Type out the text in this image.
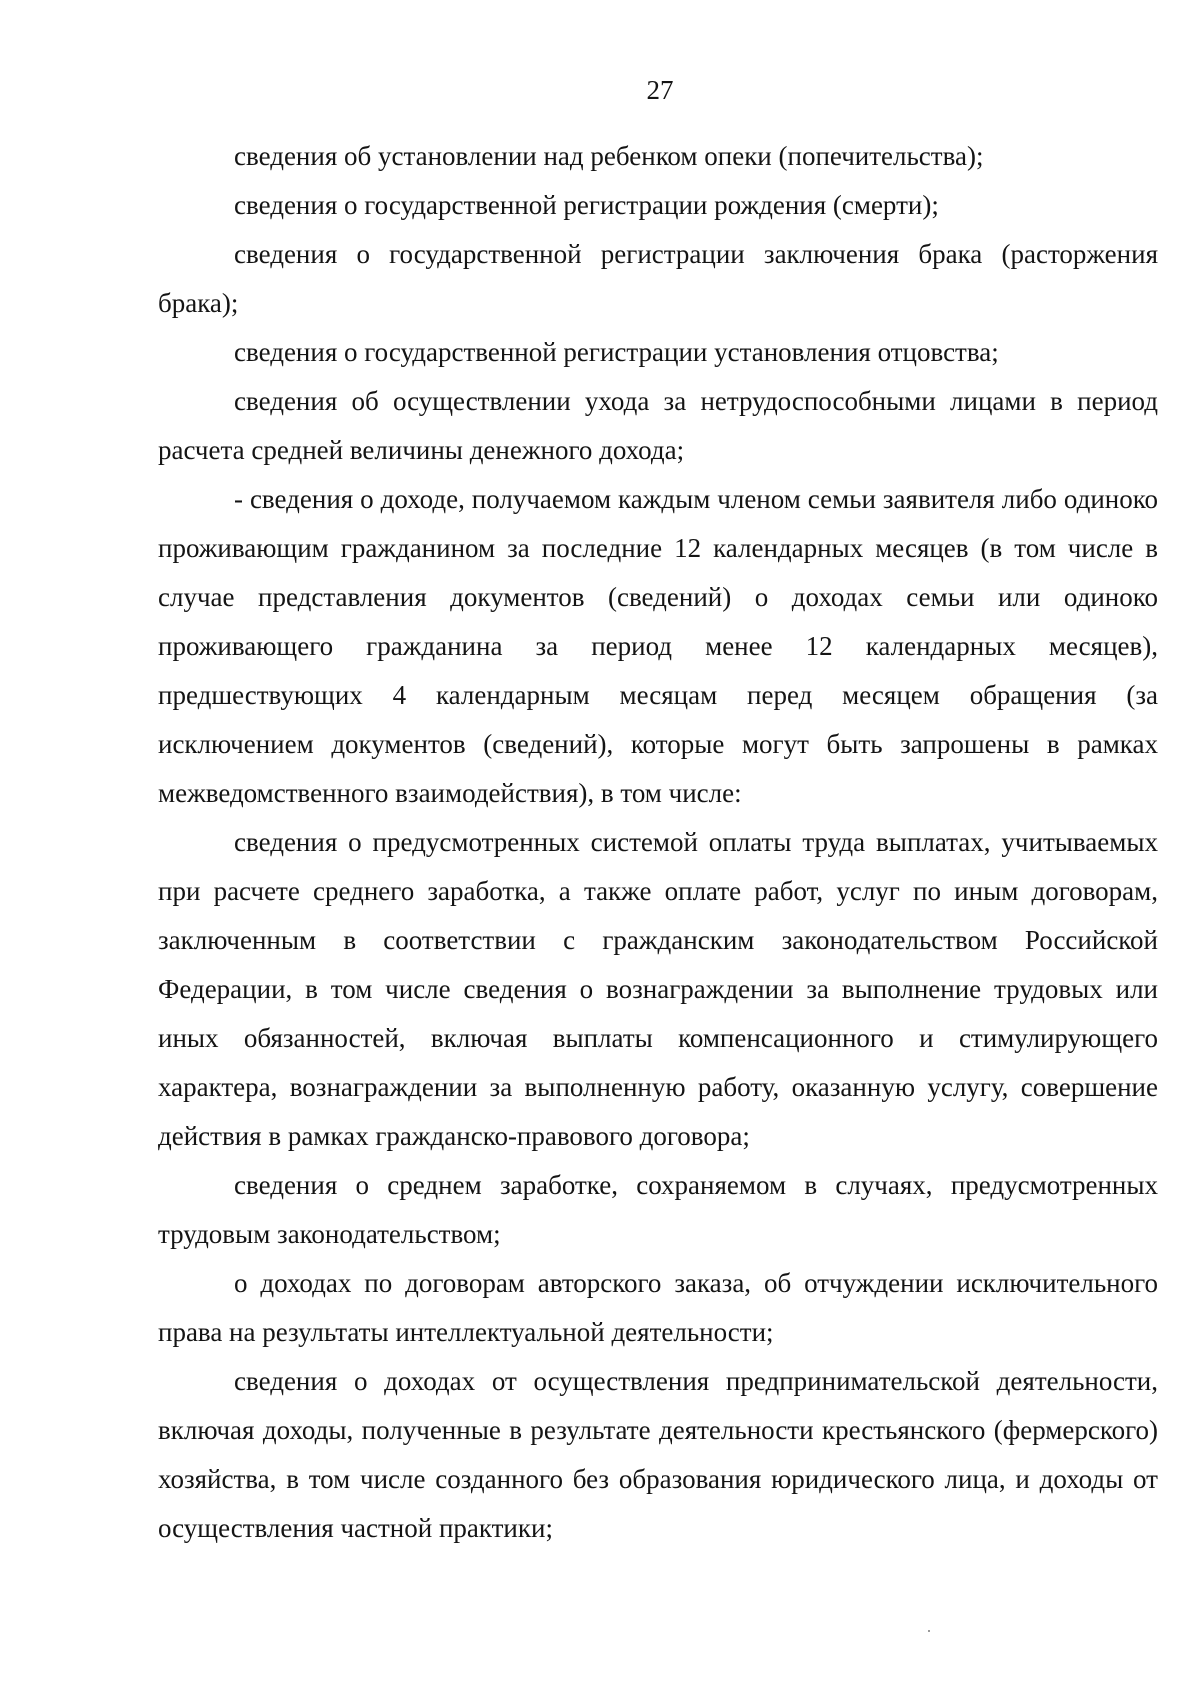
27

сведения об установлении над ребенком опеки (попечительства);

сведения о государственной регистрации рождения (смерти);

сведения о государственной регистрации заключения брака (расторжения брака);

сведения о государственной регистрации установления отцовства;

сведения об осуществлении ухода за нетрудоспособными лицами в период расчета средней величины денежного дохода;

- сведения о доходе, получаемом каждым членом семьи заявителя либо одиноко проживающим гражданином за последние 12 календарных месяцев (в том числе в случае представления документов (сведений) о доходах семьи или одиноко проживающего гражданина за период менее 12 календарных месяцев), предшествующих 4 календарным месяцам перед месяцем обращения (за исключением документов (сведений), которые могут быть запрошены в рамках межведомственного взаимодействия), в том числе:

сведения о предусмотренных системой оплаты труда выплатах, учитываемых при расчете среднего заработка, а также оплате работ, услуг по иным договорам, заключенным в соответствии с гражданским законодательством Российской Федерации, в том числе сведения о вознаграждении за выполнение трудовых или иных обязанностей, включая выплаты компенсационного и стимулирующего характера, вознаграждении за выполненную работу, оказанную услугу, совершение действия в рамках гражданско-правового договора;

сведения о среднем заработке, сохраняемом в случаях, предусмотренных трудовым законодательством;

о доходах по договорам авторского заказа, об отчуждении исключительного права на результаты интеллектуальной деятельности;

сведения о доходах от осуществления предпринимательской деятельности, включая доходы, полученные в результате деятельности крестьянского (фермерского) хозяйства, в том числе созданного без образования юридического лица, и доходы от осуществления частной практики;
